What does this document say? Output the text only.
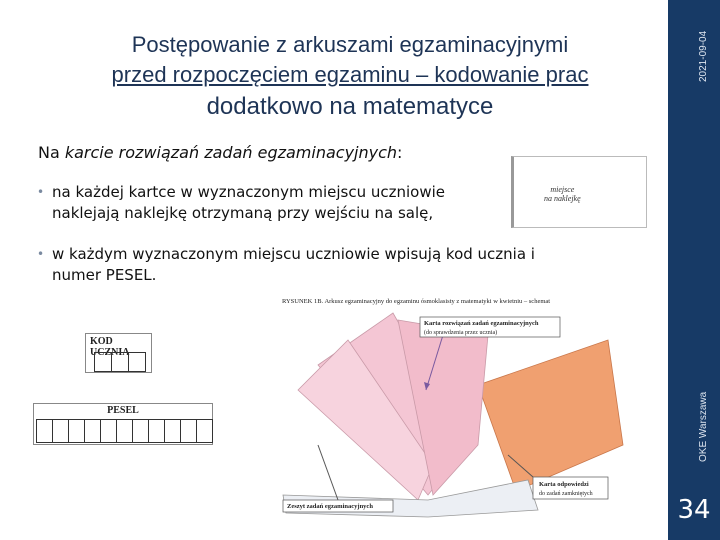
2021-09-04
OKE Warszawa
34
Postępowanie z arkuszami egzaminacyjnymi
przed rozpoczęciem egzaminu – kodowanie prac
dodatkowo na matematyce
Na karcie rozwiązań zadań egzaminacyjnych:
• na każdej kartce w wyznaczonym miejscu uczniowie naklejają naklejkę otrzymaną przy wejściu na salę,
• w każdym wyznaczonym miejscu uczniowie wpisują kod ucznia i numer PESEL.
miejsce
na naklejkę
KOD UCZNIA
PESEL
RYSUNEK 1B. Arkusz egzaminacyjny do egzaminu ósmoklasisty z matematyki w kwietniu – schemat
Karta rozwiązań zadań egzaminacyjnych
(do sprawdzenia przez ucznia)
Karta odpowiedzi
do zadań zamkniętych
Zeszyt zadań egzaminacyjnych
